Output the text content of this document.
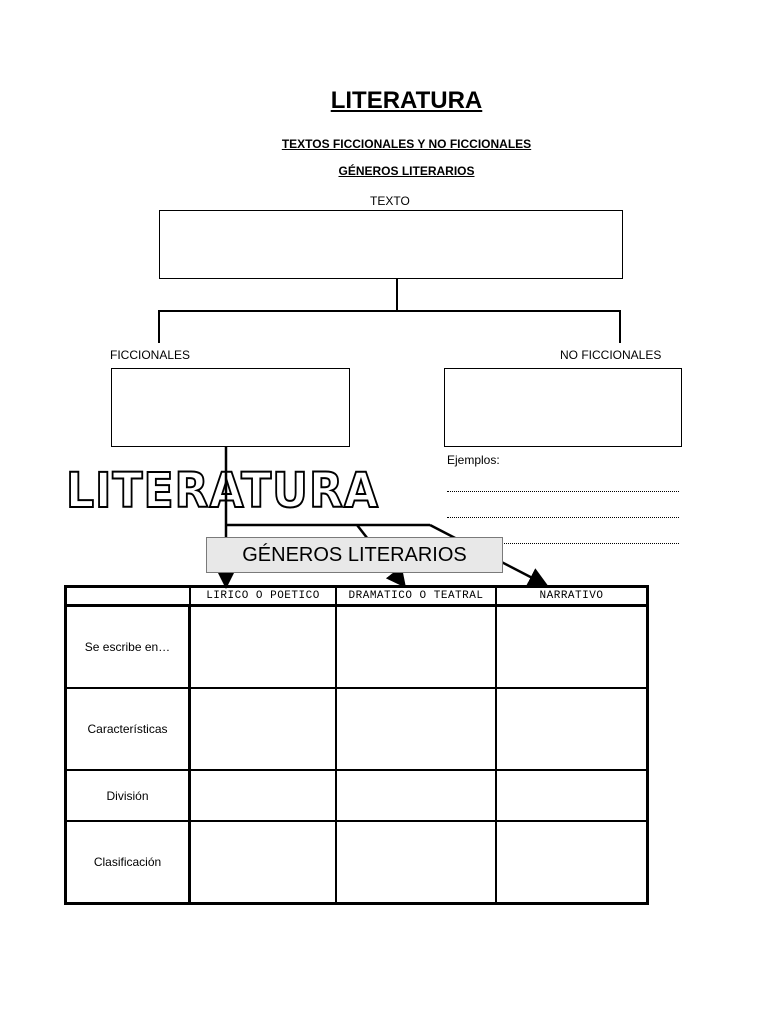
LITERATURA
TEXTOS FICCIONALES Y NO FICCIONALES
GÉNEROS LITERARIOS
TEXTO
FICCIONALES	NO FICCIONALES
Ejemplos:
LITERATURA
GÉNEROS LITERARIOS
	LIRICO O POETICO	DRAMATICO O TEATRAL	NARRATIVO
Se escribe en…			
Características			
División			
Clasificación			
